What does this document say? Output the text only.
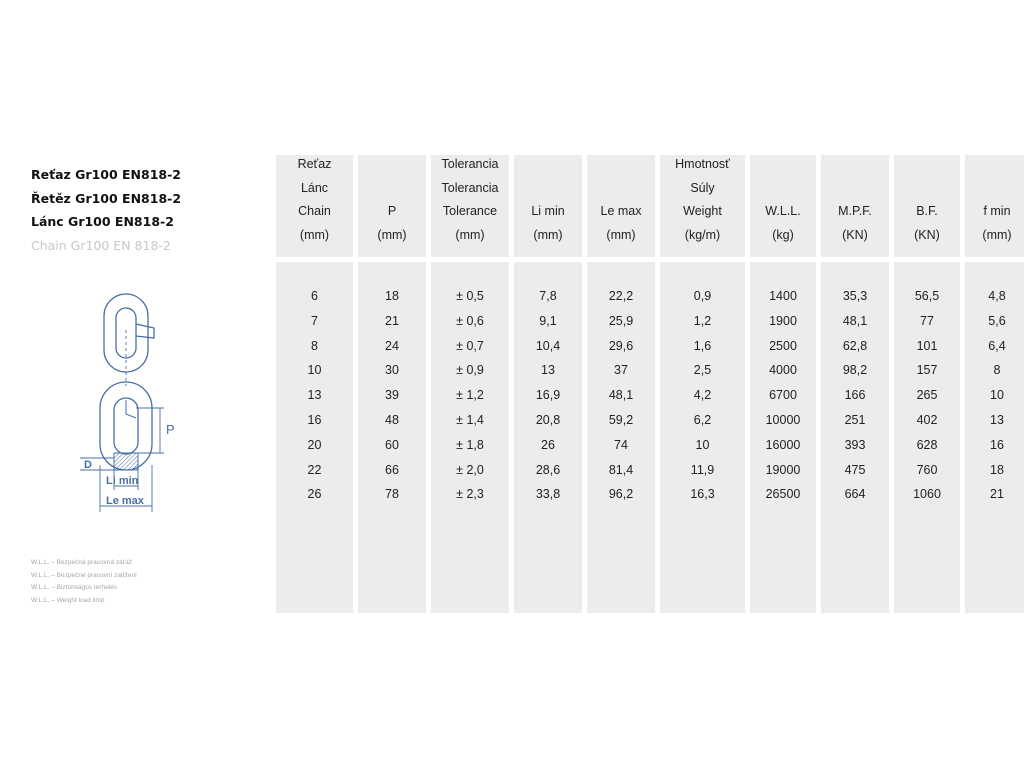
Reťaz Gr100 EN818-2
Řetěz Gr100 EN818-2
Lánc Gr100 EN818-2
Chain Gr100 EN 818-2
P
D
Li min
Le max
W.L.L. – Bezpečná pracovná záťaž
W.L.L. – Bezpečné pracovní zatížení
W.L.L. – Biztonságos terhelés
W.L.L. – Weight load limit
Reťaz
Lánc
Chain
(mm)
6
7
8
10
13
16
20
22
26
P
(mm)
18
21
24
30
39
48
60
66
78
Tolerancia
Tolerancia
Tolerance
(mm)
± 0,5
± 0,6
± 0,7
± 0,9
± 1,2
± 1,4
± 1,8
± 2,0
± 2,3
Li min
(mm)
7,8
9,1
10,4
13
16,9
20,8
26
28,6
33,8
Le max
(mm)
22,2
25,9
29,6
37
48,1
59,2
74
81,4
96,2
Hmotnosť
Súly
Weight
(kg/m)
0,9
1,2
1,6
2,5
4,2
6,2
10
11,9
16,3
W.L.L.
(kg)
1400
1900
2500
4000
6700
10000
16000
19000
26500
M.P.F.
(KN)
35,3
48,1
62,8
98,2
166
251
393
475
664
B.F.
(KN)
56,5
77
101
157
265
402
628
760
1060
f min
(mm)
4,8
5,6
6,4
8
10
13
16
18
21
